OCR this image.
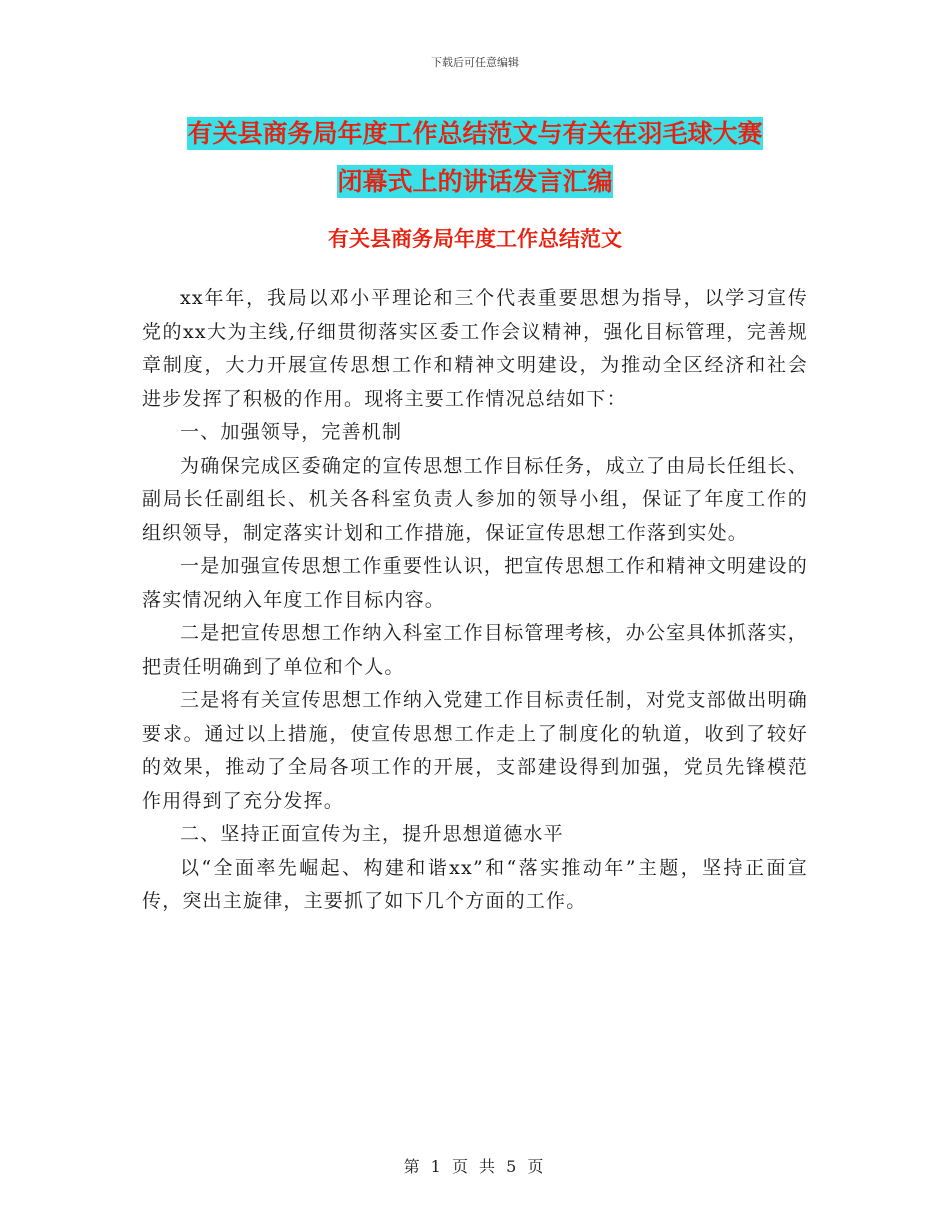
下载后可任意编辑
有关县商务局年度工作总结范文与有关在羽毛球大赛
闭幕式上的讲话发言汇编
有关县商务局年度工作总结范文

xx年年，我局以邓小平理论和三个代表重要思想为指导，以学习宣传党的xx大为主线,仔细贯彻落实区委工作会议精神，强化目标管理，完善规章制度，大力开展宣传思想工作和精神文明建设，为推动全区经济和社会进步发挥了积极的作用。现将主要工作情况总结如下：

一、加强领导，完善机制

为确保完成区委确定的宣传思想工作目标任务，成立了由局长任组长、副局长任副组长、机关各科室负责人参加的领导小组，保证了年度工作的组织领导，制定落实计划和工作措施，保证宣传思想工作落到实处。

一是加强宣传思想工作重要性认识，把宣传思想工作和精神文明建设的落实情况纳入年度工作目标内容。

二是把宣传思想工作纳入科室工作目标管理考核，办公室具体抓落实，把责任明确到了单位和个人。

三是将有关宣传思想工作纳入党建工作目标责任制，对党支部做出明确要求。通过以上措施，使宣传思想工作走上了制度化的轨道，收到了较好的效果，推动了全局各项工作的开展，支部建设得到加强，党员先锋模范作用得到了充分发挥。

二、坚持正面宣传为主，提升思想道德水平

以“全面率先崛起、构建和谐xx”和“落实推动年”主题，坚持正面宣传，突出主旋律，主要抓了如下几个方面的工作。

第 1 页 共 5 页
